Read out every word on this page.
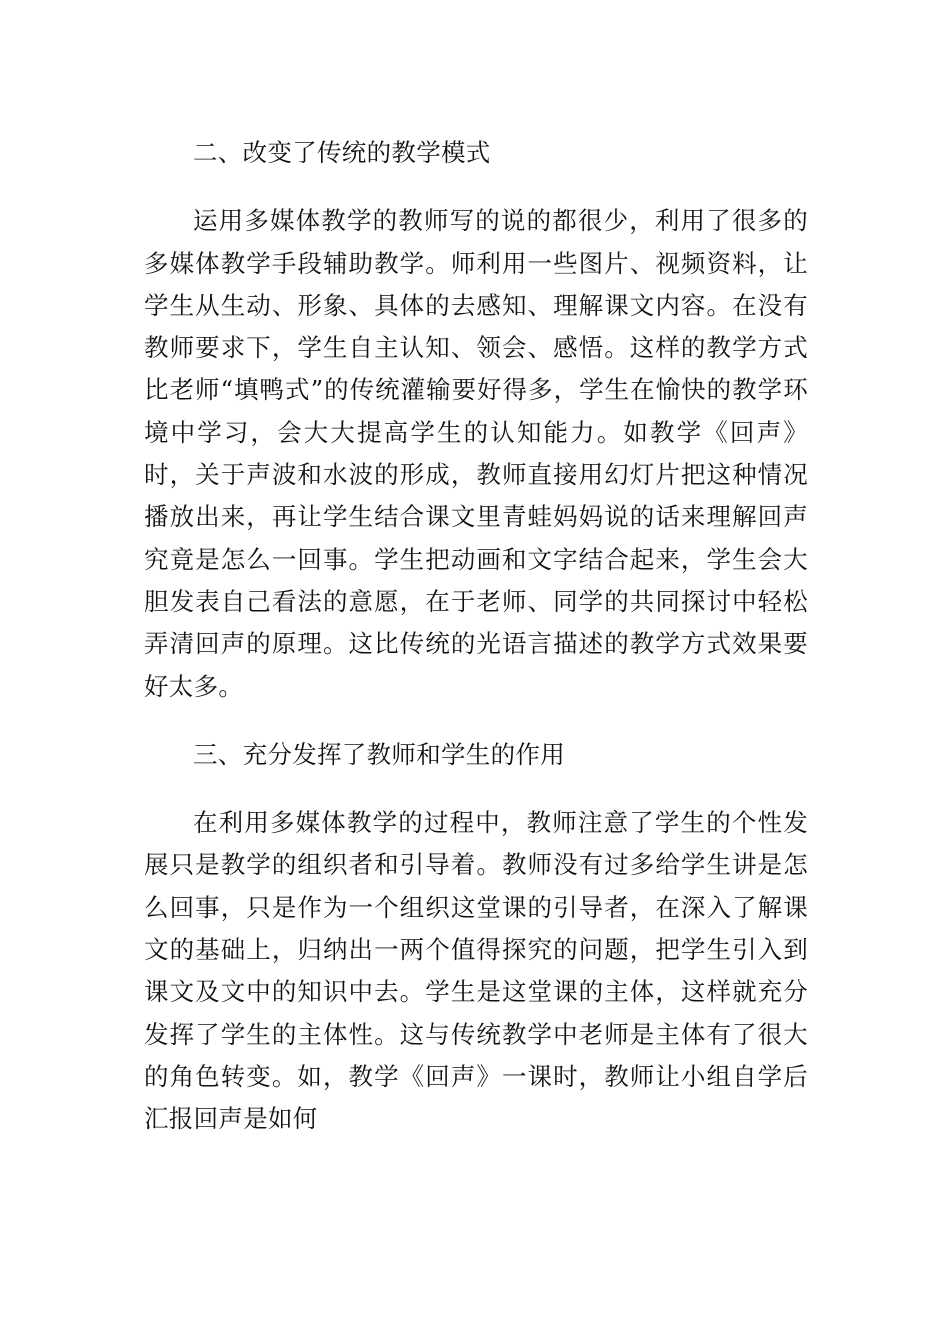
二、改变了传统的教学模式

运用多媒体教学的教师写的说的都很少，利用了很多的多媒体教学手段辅助教学。师利用一些图片、视频资料，让学生从生动、形象、具体的去感知、理解课文内容。在没有教师要求下，学生自主认知、领会、感悟。这样的教学方式比老师“填鸭式”的传统灌输要好得多，学生在愉快的教学环境中学习，会大大提高学生的认知能力。如教学《回声》时，关于声波和水波的形成，教师直接用幻灯片把这种情况播放出来，再让学生结合课文里青蛙妈妈说的话来理解回声究竟是怎么一回事。学生把动画和文字结合起来，学生会大胆发表自己看法的意愿，在于老师、同学的共同探讨中轻松弄清回声的原理。这比传统的光语言描述的教学方式效果要好太多。

三、充分发挥了教师和学生的作用

在利用多媒体教学的过程中，教师注意了学生的个性发展只是教学的组织者和引导着。教师没有过多给学生讲是怎么回事，只是作为一个组织这堂课的引导者，在深入了解课文的基础上，归纳出一两个值得探究的问题，把学生引入到课文及文中的知识中去。学生是这堂课的主体，这样就充分发挥了学生的主体性。这与传统教学中老师是主体有了很大的角色转变。如，教学《回声》一课时，教师让小组自学后汇报回声是如何
